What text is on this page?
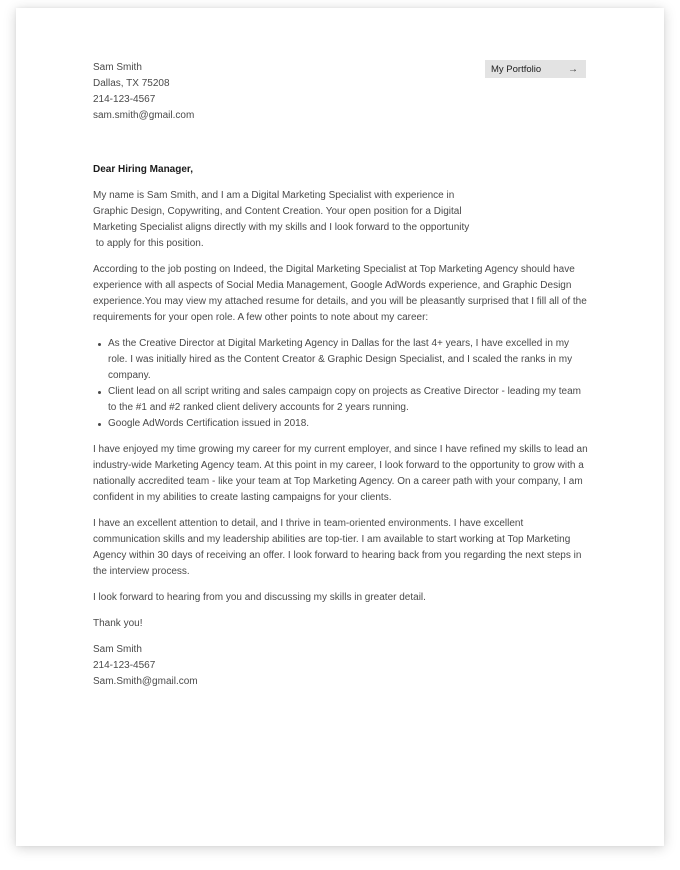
My Portfolio	→
Sam Smith
Dallas, TX 75208
214-123-4567
sam.smith@gmail.com
Dear Hiring Manager,

My name is Sam Smith, and I am a Digital Marketing Specialist with experience in
Graphic Design, Copywriting, and Content Creation. Your open position for a Digital
Marketing Specialist aligns directly with my skills and I look forward to the opportunity
to apply for this position.

According to the job posting on Indeed, the Digital Marketing Specialist at Top Marketing Agency should have experience with all aspects of Social Media Management, Google AdWords experience, and Graphic Design experience.You may view my attached resume for details, and you will be pleasantly surprised that I fill all of the requirements for your open role. A few other points to note about my career:

As the Creative Director at Digital Marketing Agency in Dallas for the last 4+ years, I have excelled in my role. I was initially hired as the Content Creator & Graphic Design Specialist, and I scaled the ranks in my company.
Client lead on all script writing and sales campaign copy on projects as Creative Director - leading my team to the #1 and #2 ranked client delivery accounts for 2 years running.
Google AdWords Certification issued in 2018.

I have enjoyed my time growing my career for my current employer, and since I have refined my skills to lead an industry-wide Marketing Agency team. At this point in my career, I look forward to the opportunity to grow with a nationally accredited team - like your team at Top Marketing Agency. On a career path with your company, I am confident in my abilities to create lasting campaigns for your clients.

I have an excellent attention to detail, and I thrive in team-oriented environments. I have excellent communication skills and my leadership abilities are top-tier. I am available to start working at Top Marketing Agency within 30 days of receiving an offer. I look forward to hearing back from you regarding the next steps in the interview process.

I look forward to hearing from you and discussing my skills in greater detail.

Thank you!

Sam Smith
214-123-4567
Sam.Smith@gmail.com
